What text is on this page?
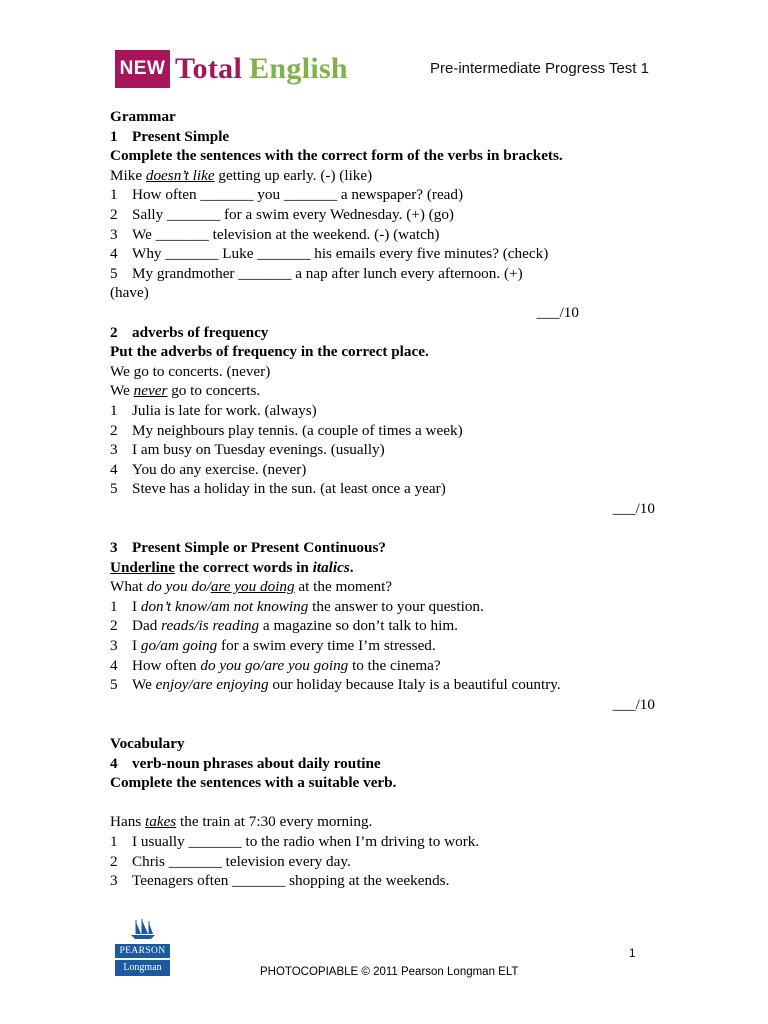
NEW Total English	Pre-intermediate Progress Test 1
Grammar
1 Present Simple
Complete the sentences with the correct form of the verbs in brackets.
Mike doesn’t like getting up early. (-) (like)
1 How often _______ you _______ a newspaper? (read)
2 Sally _______ for a swim every Wednesday. (+) (go)
3 We _______ television at the weekend. (-) (watch)
4 Why _______ Luke _______ his emails every five minutes? (check)
5 My grandmother _______ a nap after lunch every afternoon. (+)
(have)
___/10
2 adverbs of frequency
Put the adverbs of frequency in the correct place.
We go to concerts. (never)
We never go to concerts.
1 Julia is late for work. (always)
2 My neighbours play tennis. (a couple of times a week)
3 I am busy on Tuesday evenings. (usually)
4 You do any exercise. (never)
5 Steve has a holiday in the sun. (at least once a year)
___/10
3 Present Simple or Present Continuous?
Underline the correct words in italics.
What do you do/are you doing at the moment?
1 I don’t know/am not knowing the answer to your question.
2 Dad reads/is reading a magazine so don’t talk to him.
3 I go/am going for a swim every time I’m stressed.
4 How often do you go/are you going to the cinema?
5 We enjoy/are enjoying our holiday because Italy is a beautiful country.
___/10
Vocabulary
4 verb-noun phrases about daily routine
Complete the sentences with a suitable verb.
Hans takes the train at 7:30 every morning.
1 I usually _______ to the radio when I’m driving to work.
2 Chris _______ television every day.
3 Teenagers often _______ shopping at the weekends.
PEARSON
Longman
1
PHOTOCOPIABLE © 2011 Pearson Longman ELT
